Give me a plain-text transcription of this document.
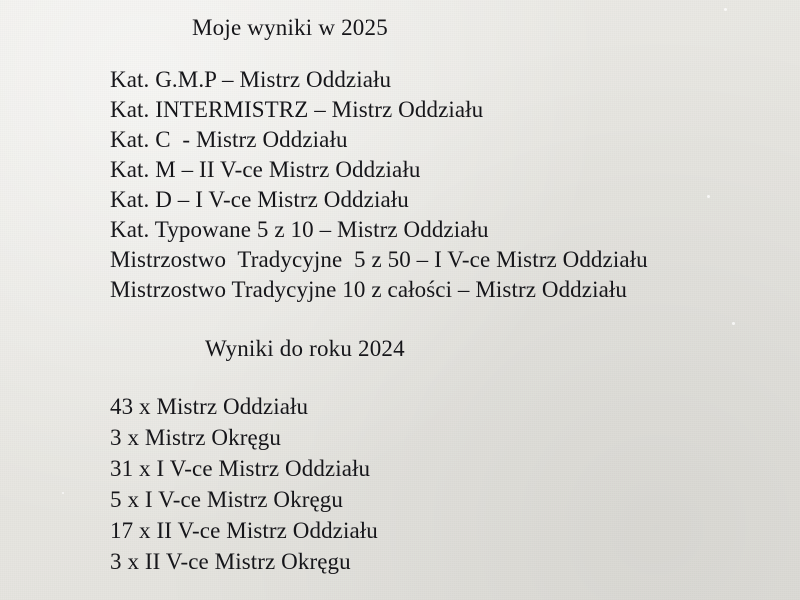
Moje wyniki w 2025
Kat. G.M.P – Mistrz Oddziału
Kat. INTERMISTRZ – Mistrz Oddziału
Kat. C  - Mistrz Oddziału
Kat. M – II V-ce Mistrz Oddziału
Kat. D – I V-ce Mistrz Oddziału
Kat. Typowane 5 z 10 – Mistrz Oddziału
Mistrzostwo  Tradycyjne  5 z 50 – I V-ce Mistrz Oddziału
Mistrzostwo Tradycyjne 10 z całości – Mistrz Oddziału
Wyniki do roku 2024
43 x Mistrz Oddziału
3 x Mistrz Okręgu
31 x I V-ce Mistrz Oddziału
5 x I V-ce Mistrz Okręgu
17 x II V-ce Mistrz Oddziału
3 x II V-ce Mistrz Okręgu
